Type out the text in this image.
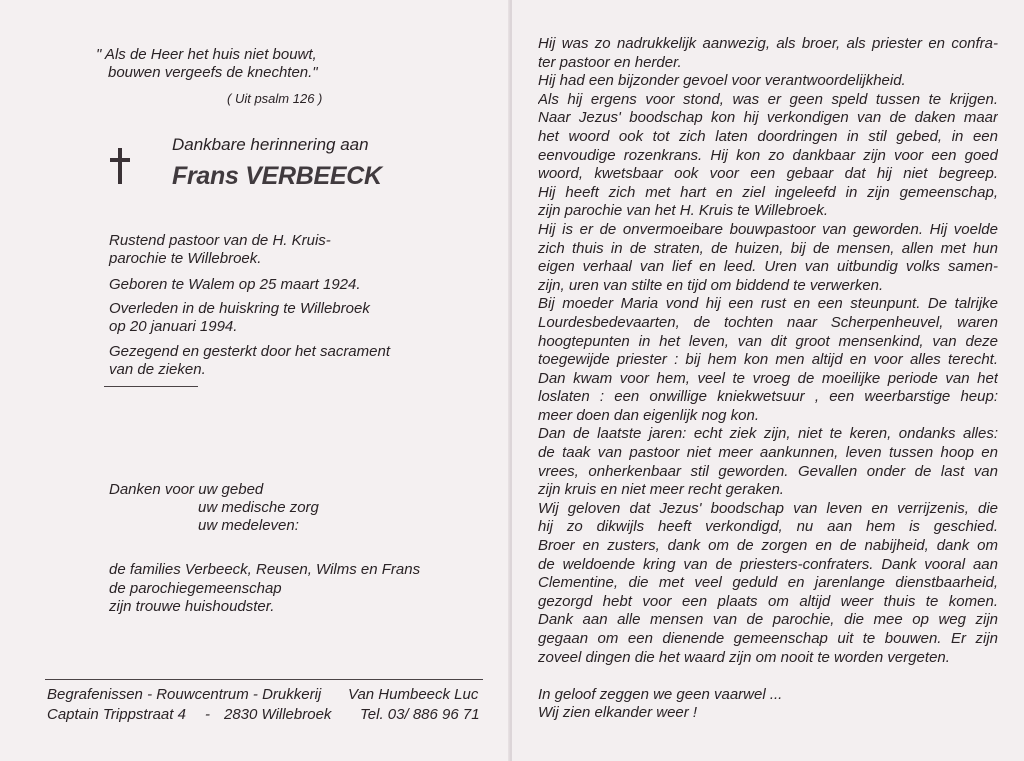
" Als de Heer het huis niet bouwt,
bouwen vergeefs de knechten."
( Uit psalm 126 )
Dankbare herinnering aan
Frans VERBEECK
Rustend pastoor van de H. Kruis-
parochie te Willebroek.
Geboren te Walem op 25 maart 1924.
Overleden in de huiskring te Willebroek
op 20 januari 1994.
Gezegend en gesterkt door het sacrament
van de zieken.
Danken voor uw gebed
uw medische zorg
uw medeleven:
de families Verbeeck, Reusen, Wilms en Frans
de parochiegemeenschap
zijn trouwe huishoudster.
Begrafenissen - Rouwcentrum - Drukkerij Van Humbeeck Luc
Captain Trippstraat 4 - 2830 Willebroek Tel. 03/ 886 96 71
Hij was zo nadrukkelijk aanwezig, als broer, als priester en confra-
ter pastoor en herder.
Hij had een bijzonder gevoel voor verantwoordelijkheid.
Als hij ergens voor stond, was er geen speld tussen te krijgen.
Naar Jezus' boodschap kon hij verkondigen van de daken maar
het woord ook tot zich laten doordringen in stil gebed, in een
eenvoudige rozenkrans. Hij kon zo dankbaar zijn voor een goed
woord, kwetsbaar ook voor een gebaar dat hij niet begreep.
Hij heeft zich met hart en ziel ingeleefd in zijn gemeenschap,
zijn parochie van het H. Kruis te Willebroek.
Hij is er de onvermoeibare bouwpastoor van geworden. Hij voelde
zich thuis in de straten, de huizen, bij de mensen, allen met hun
eigen verhaal van lief en leed. Uren van uitbundig volks samen-
zijn, uren van stilte en tijd om biddend te verwerken.
Bij moeder Maria vond hij een rust en een steunpunt. De talrijke
Lourdesbedevaarten, de tochten naar Scherpenheuvel, waren
hoogtepunten in het leven, van dit groot mensenkind, van deze
toegewijde priester : bij hem kon men altijd en voor alles terecht.
Dan kwam voor hem, veel te vroeg de moeilijke periode van het
loslaten : een onwillige kniekwetsuur , een weerbarstige heup:
meer doen dan eigenlijk nog kon.
Dan de laatste jaren: echt ziek zijn, niet te keren, ondanks alles:
de taak van pastoor niet meer aankunnen, leven tussen hoop en
vrees, onherkenbaar stil geworden. Gevallen onder de last van
zijn kruis en niet meer recht geraken.
Wij geloven dat Jezus' boodschap van leven en verrijzenis, die
hij zo dikwijls heeft verkondigd, nu aan hem is geschied.
Broer en zusters, dank om de zorgen en de nabijheid, dank om
de weldoende kring van de priesters-confraters. Dank vooral aan
Clementine, die met veel geduld en jarenlange dienstbaarheid,
gezorgd hebt voor een plaats om altijd weer thuis te komen.
Dank aan alle mensen van de parochie, die mee op weg zijn
gegaan om een dienende gemeenschap uit te bouwen. Er zijn
zoveel dingen die het waard zijn om nooit te worden vergeten.
In geloof zeggen we geen vaarwel ...
Wij zien elkander weer !
